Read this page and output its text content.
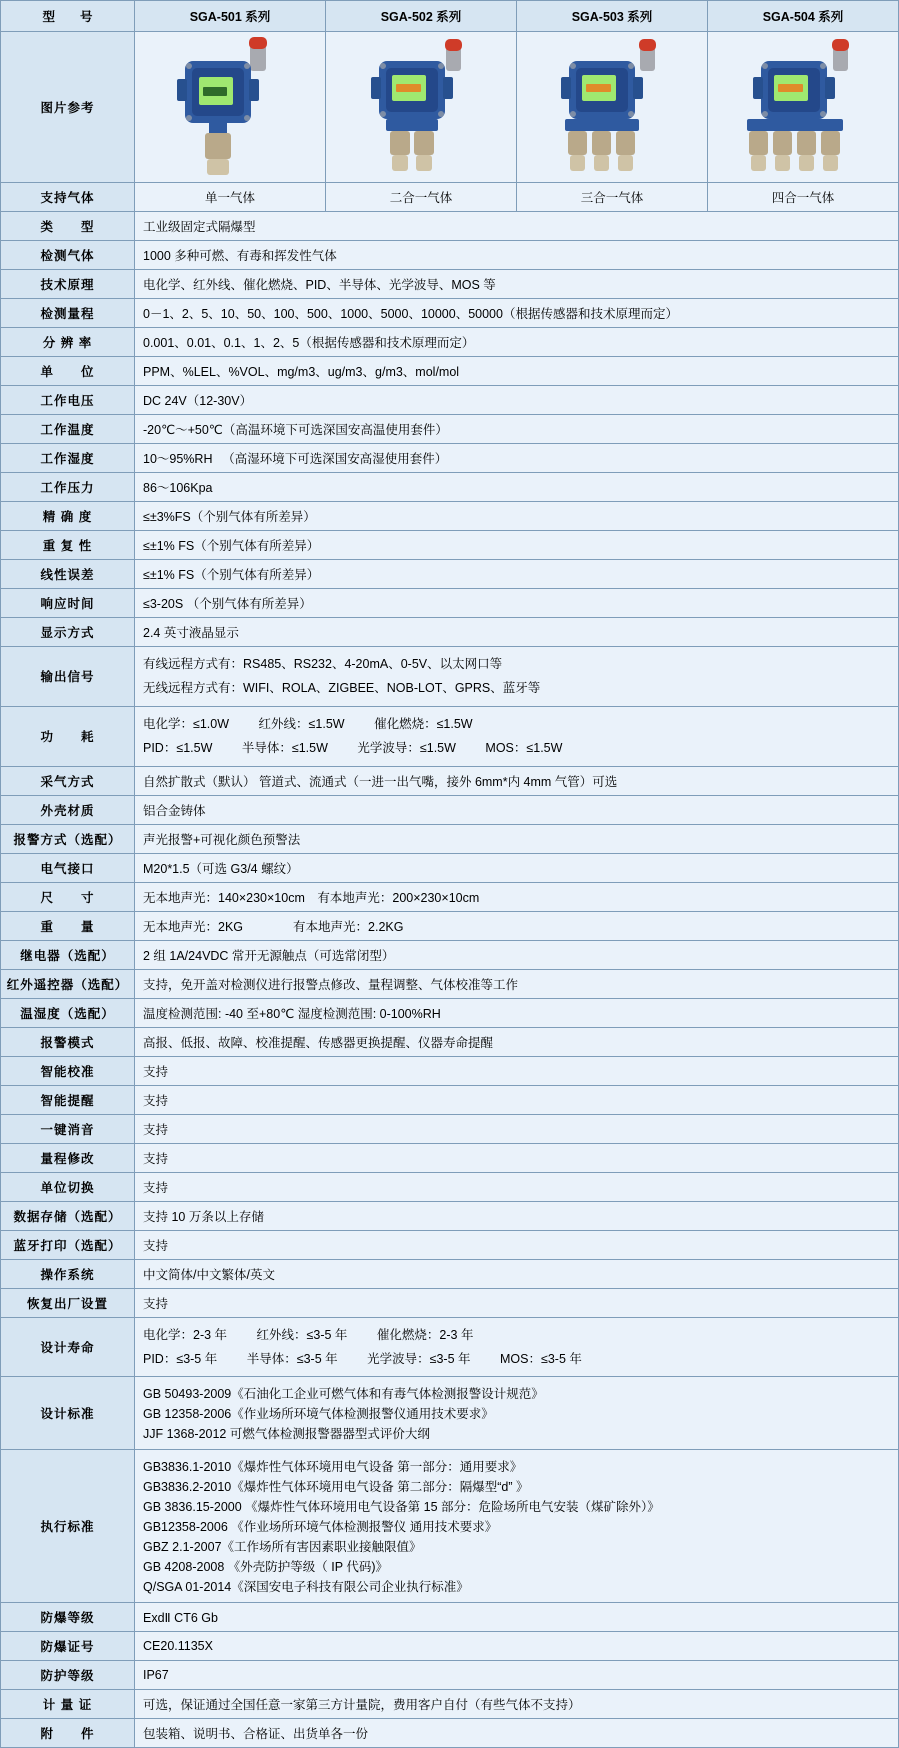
型　　号	SGA-501 系列	SGA-502 系列	SGA-503 系列	SGA-504 系列
图片参考	

支持气体	单一气体	二合一气体	三合一气体	四合一气体
类　　型	工业级固定式隔爆型			
检测气体	1000 多种可燃、有毒和挥发性气体			
技术原理	电化学、红外线、催化燃烧、PID、半导体、光学波导、MOS 等			
检测量程	0－1、2、5、10、50、100、500、1000、5000、10000、50000（根据传感器和技术原理而定）			
分 辨 率	0.001、0.01、0.1、1、2、5（根据传感器和技术原理而定）			
单　　位	PPM、%LEL、%VOL、mg/m3、ug/m3、g/m3、mol/mol			
工作电压	DC 24V（12-30V）			
工作温度	-20℃～+50℃（高温环境下可选深国安高温使用套件）			
工作湿度	10～95%RH 　（高湿环境下可选深国安高湿使用套件）			
工作压力	86～106Kpa			
精 确 度	≤±3%FS（个别气体有所差异）			
重 复 性	≤±1% FS（个别气体有所差异）			
线性误差	≤±1% FS（个别气体有所差异）			
响应时间	≤3-20S （个别气体有所差异）			
显示方式	2.4 英寸液晶显示			
输出信号	有线远程方式有：RS485、RS232、4-20mA、0-5V、以太网口等
无线远程方式有：WIFI、ROLA、ZIGBEE、NOB-LOT、GPRS、蓝牙等			

功　　耗	电化学：≤1.0W 红外线：≤1.5W 催化燃烧：≤1.5W
PID：≤1.5W 半导体：≤1.5W 光学波导：≤1.5W MOS：≤1.5W			

采气方式	自然扩散式（默认） 管道式、流通式（一进一出气嘴，接外 6mm*内 4mm 气管）可选			
外壳材质	铝合金铸体			
报警方式（选配）	声光报警+可视化颜色预警法			
电气接口	M20*1.5（可选 G3/4 螺纹）			
尺　　寸	无本地声光：140×230×10cm　有本地声光：200×230×10cm			
重　　量	无本地声光：2KG　　　　有本地声光：2.2KG			
继电器（选配）	2 组 1A/24VDC 常开无源触点（可选常闭型）			
红外遥控器（选配）	支持，免开盖对检测仪进行报警点修改、量程调整、气体校准等工作			
温湿度（选配）	温度检测范围: -40 至+80℃ 湿度检测范围: 0-100%RH			
报警模式	高报、低报、故障、校准提醒、传感器更换提醒、仪器寿命提醒			
智能校准	支持			
智能提醒	支持			
一键消音	支持			
量程修改	支持			
单位切换	支持			
数据存储（选配）	支持 10 万条以上存储			
蓝牙打印（选配）	支持			
操作系统	中文简体/中文繁体/英文			
恢复出厂设置	支持			
设计寿命	电化学：2-3 年 红外线：≤3-5 年 催化燃烧：2-3 年
PID：≤3-5 年 半导体：≤3-5 年 光学波导：≤3-5 年 MOS：≤3-5 年			

设计标准	GB 50493-2009《石油化工企业可燃气体和有毒气体检测报警设计规范》
GB 12358-2006《作业场所环境气体检测报警仪通用技术要求》
JJF 1368-2012 可燃气体检测报警器器型式评价大纲			

执行标准	
GB3836.1-2010《爆炸性气体环境用电气设备 第一部分：通用要求》
GB3836.2-2010《爆炸性气体环境用电气设备 第二部分：隔爆型“d” 》
GB 3836.15-2000 《爆炸性气体环境用电气设备第 15 部分：危险场所电气安装（煤矿除外）》
GB12358-2006 《作业场所环境气体检测报警仪 通用技术要求》
GBZ 2.1-2007《工作场所有害因素职业接触限值》
GB 4208-2008 《外壳防护等级（ IP 代码)》
Q/SGA 01-2014《深国安电子科技有限公司企业执行标准》

防爆等级	ExdⅡ CT6 Gb			
防爆证号	CE20.1135X			
防护等级	IP67			
计 量 证	可选，保证通过全国任意一家第三方计量院，费用客户自付（有些气体不支持）			
附　　件	包装箱、说明书、合格证、出货单各一份			
